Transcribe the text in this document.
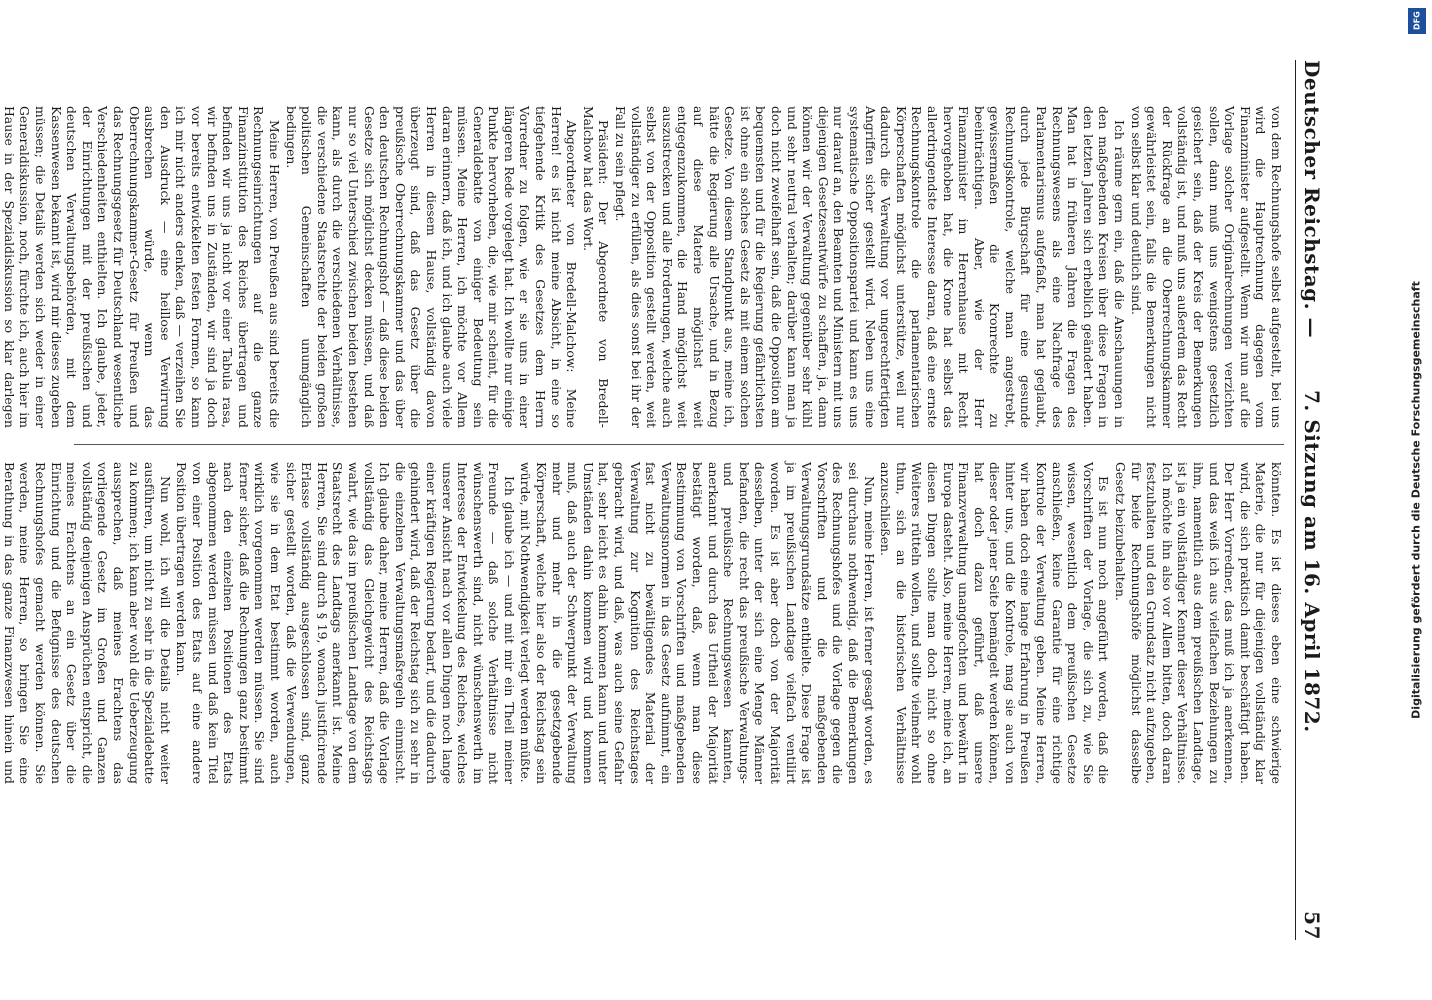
Deutscher Reichstag. —
7. Sitzung am 16. April 1872.
57

von dem Rechnungshofe selbst aufgestellt, bei uns wird die Hauptrechnung dagegen vom Finanzminister aufgestellt. Wenn wir nun auf die Vorlage solcher Originalrechnungen verzichten sollen, dann muß uns wenigstens gesetzlich gesichert sein, daß der Kreis der Bemerkungen vollständig ist, und muß uns außerdem das Recht der Rückfrage an die Oberrechnungskammer gewährleistet sein, falls die Bemerkungen nicht von selbst klar und deutlich sind.

Ich räume gern ein, daß die Anschauungen in den maßgebenden Kreisen über diese Fragen in den letzten Jahren sich erheblich geändert haben. Man hat in früheren Jahren die Fragen des Rechnungswesens als eine Nachfrage des Parlamentarismus aufgefaßt, man hat geglaubt, durch jede Bürgschaft für eine gesunde Rechnungskontrole, welche man angestrebt, gewissermaßen die Kronrechte zu beeinträchtigen. Aber, wie der Herr Finanzminister im Herrenhause mit Recht hervorgehoben hat, die Krone hat selbst das allerdringendste Interesse daran, daß eine ernste Rechnungskontrole die parlamentarischen Körperschaften möglichst unterstütze, weil nur dadurch die Verwaltung vor ungerechtfertigten Angriffen sicher gestellt wird. Neben uns eine systematische Oppositionspartei und kann es uns nur darauf an, den Beamten und Ministern mit uns diejenigen Gesetzesentwürfe zu schaffen, ja, dann können wir der Verwaltung gegenüber sehr kühl und sehr neutral verhalten; darüber kann man ja doch nicht zweifelhaft sein, daß die Opposition am bequemsten und für die Regierung gefährlichsten ist ohne ein solches Gesetz als mit einem solchen Gesetze. Von diesem Standpunkt aus, meine ich, hätte die Regierung alle Ursache, und in Bezug auf diese Materie möglichst weit entgegenzukommen, die Hand möglichst weit auszustrecken und alle Forderungen, welche auch selbst von der Opposition gestellt werden, weit vollständiger zu erfüllen, als dies sonst bei ihr der Fall zu sein pflegt.

Präsident: Der Abgeordnete von Bredell-Malchow hat das Wort.

Abgeordneter von Bredell-Malchow: Meine Herren! es ist nicht meine Absicht, in eine so tiefgehende Kritik des Gesetzes dem Herrn Vorredner zu folgen, wie er sie uns in einer längeren Rede vorgelegt hat. Ich wollte nur einige Punkte hervorheben, die, wie mir scheint, für die Generaldebatte von einiger Bedeutung sein müssen. Meine Herren, ich möchte vor Allem daran erinnern, daß ich, und ich glaube auch viele Herren in diesem Hause, vollständig davon überzeugt sind, daß das Gesetz über die preußische Oberrechnungskammer und das über den deutschen Rechnungshof — daß diese beiden Gesetze sich möglichst decken müssen, und daß nur so viel Unterschied zwischen beiden bestehen kann, als durch die verschiedenen Verhältnisse, die verschiedene Staatsrechte der beiden großen politischen Gemeinschaften unumgänglich bedingen.

Meine Herren, von Preußen aus sind bereits die Rechnungseinrichtungen auf die ganze Finanzinstitution des Reiches übertragen und befinden wir uns ja nicht vor einer Tabula rasa, wir befinden uns in Zuständen, wir sind ja doch vor bereits entwickelten festen Formen, so kann ich mir nicht anders denken, daß — verzeihen Sie den Ausdruck — eine heillose Verwirrung ausbrechen würde, wenn das Oberrechnungskammer-Gesetz für Preußen und das Rechnungsgesetz für Deutschland wesentliche Verschiedenheiten enthielten. Ich glaube, jeder, der Einrichtungen mit der preußischen und deutschen Verwaltungsbehörden, mit dem Kassenwesen bekannt ist, wird mir dieses zugeben müssen; die Details werden sich weder in einer Generaldiskussion, noch, fürchte ich, auch hier im Hause in der Spezialdiskussion so klar darlegen

könnten. Es ist dieses eben eine schwierige Materie, die nur für diejenigen vollständig klar wird, die sich praktisch damit beschäftigt haben. Der Herr Vorredner, das muß ich ja anerkennen, und das weiß ich aus vielfachen Beziehungen zu ihm, namentlich aus dem preußischen Landtage, ist ja ein vollständiger Kenner dieser Verhältnisse. Ich möchte ihn also vor Allem bitten, doch daran festzuhalten und den Grundsatz nicht aufzugeben, für beide Rechnungshöfe möglichst dasselbe Gesetz beizubehalten.

Es ist nun noch angeführt worden, daß die Vorschriften der Vorlage, die sich zu, wie Sie wissen, wesentlich dem preußischen Gesetze anschließen, keine Garantie für eine richtige Kontrole der Verwaltung geben. Meine Herren, wir haben doch eine lange Erfahrung in Preußen hinter uns, und die Kontrole, mag sie auch von dieser oder jener Seite bemängelt werden können, hat doch dazu geführt, daß unsere Finanzverwaltung unangefochten und bewährt in Europa dasteht. Also, meine Herren, meine ich, an diesen Dingen sollte man doch nicht so ohne Weiteres rütteln wollen, und sollte vielmehr wohl thun, sich an die historischen Verhältnisse anzuschließen.

Nun, meine Herren, ist ferner gesagt worden, es sei durchaus nothwendig, daß die Bemerkungen des Rechnungshofes und die Vorlage gegen die Vorschriften und die maßgebenden Verwaltungsgrundsätze enthielte. Diese Frage ist ja im preußischen Landtage vielfach ventilirt worden. Es ist aber doch von der Majorität desselben, unter der sich eine Menge Männer befanden, die recht das preußische Verwaltungs- und preußische Rechnungswesen kannten, anerkannt und durch das Urtheil der Majorität bestätigt worden, daß, wenn man diese Bestimmung von Vorschriften und maßgebenden Verwaltungsnormen in das Gesetz aufnimmt, ein fast nicht zu bewältigendes Material der Verwaltung zur Kognition des Reichstages gebracht wird, und daß, was auch seine Gefahr hat, sehr leicht es dahin kommen kann und unter Umständen dahin kommen wird und kommen muß, daß auch der Schwerpunkt der Verwaltung mehr und mehr in die gesetzgebende Körperschaft, welche hier also der Reichstag sein würde, mit Nothwendigkeit verlegt werden müßte.

Ich glaube ich — und mit mir ein Theil meiner Freunde — daß solche Verhältnisse nicht wünschenswerth sind, nicht wünschenswerth im Interesse der Entwickelung des Reiches, welches unserer Ansicht nach vor allen Dingen noch lange einer kräftigen Regierung bedarf, und die dadurch gehindert wird, daß der Reichstag sich zu sehr in die einzelnen Verwaltungsmaßregeln einmischt. Ich glaube daher, meine Herren, daß die Vorlage vollständig das Gleichgewicht des Reichstags wahrt, wie das im preußischen Landtage von dem Staatsrecht des Landtags anerkannt ist. Meine Herren, Sie sind durch § 19, wonach justificirende Erlasse vollständig ausgeschlossen sind, ganz sicher gestellt worden, daß die Verwendungen, wie sie in dem Etat bestimmt worden, auch wirklich vorgenommen werden müssen. Sie sind ferner sicher, daß die Rechnungen ganz bestimmt nach den einzelnen Positionen des Etats abgenommen werden müssen und daß kein Titel von einer Position des Etats auf eine andere Position übertragen werden kann.

Nun wohl, ich will die Details nicht weiter ausführen, um nicht zu sehr in die Spezialdebatte zu kommen; ich kann aber wohl die Ueberzeugung aussprechen, daß meines Erachtens das vorliegende Gesetz im Großen und Ganzen vollständig denjenigen Ansprüchen entspricht, die meines Erachtens an ein Gesetz über die Einrichtung und die Befugnisse des deutschen Rechnungshofes gemacht werden können. Sie werden, meine Herren, so bringen Sie eine Berathung in das ganze Finanzwesen hinein und

DFG
Digitalisierung gefördert durch die Deutsche Forschungsgemeinschaft
